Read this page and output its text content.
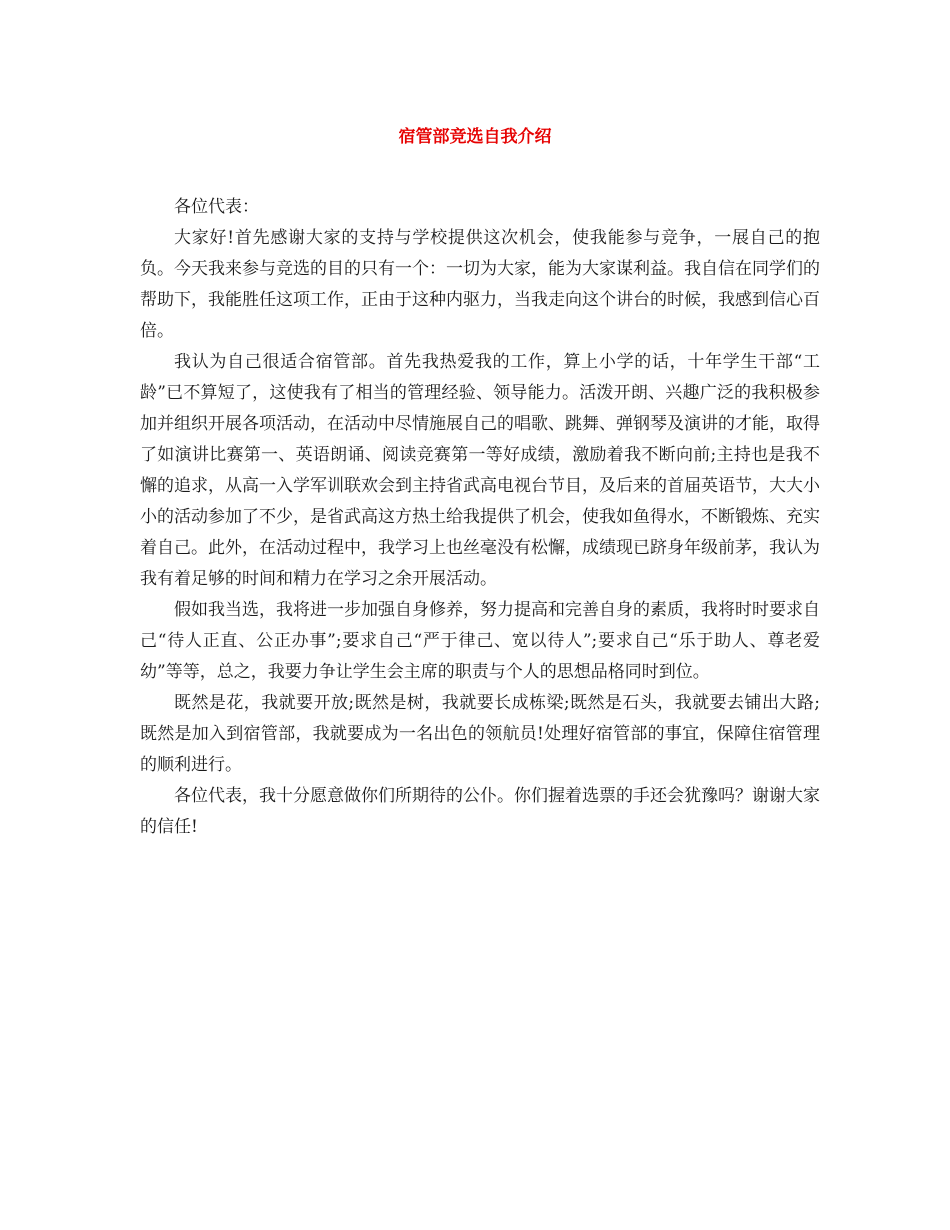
宿管部竞选自我介绍

各位代表：

大家好!首先感谢大家的支持与学校提供这次机会，使我能参与竞争，一展自己的抱负。今天我来参与竞选的目的只有一个：一切为大家，能为大家谋利益。我自信在同学们的帮助下，我能胜任这项工作，正由于这种内驱力，当我走向这个讲台的时候，我感到信心百倍。

我认为自己很适合宿管部。首先我热爱我的工作，算上小学的话，十年学生干部“工龄”已不算短了，这使我有了相当的管理经验、领导能力。活泼开朗、兴趣广泛的我积极参加并组织开展各项活动，在活动中尽情施展自己的唱歌、跳舞、弹钢琴及演讲的才能，取得了如演讲比赛第一、英语朗诵、阅读竞赛第一等好成绩，激励着我不断向前;主持也是我不懈的追求，从高一入学军训联欢会到主持省武高电视台节目，及后来的首届英语节，大大小小的活动参加了不少，是省武高这方热土给我提供了机会，使我如鱼得水，不断锻炼、充实着自己。此外，在活动过程中，我学习上也丝毫没有松懈，成绩现已跻身年级前茅，我认为我有着足够的时间和精力在学习之余开展活动。

假如我当选，我将进一步加强自身修养，努力提高和完善自身的素质，我将时时要求自己“待人正直、公正办事”;要求自己“严于律己、宽以待人”;要求自己“乐于助人、尊老爱幼”等等，总之，我要力争让学生会主席的职责与个人的思想品格同时到位。

既然是花，我就要开放;既然是树，我就要长成栋梁;既然是石头，我就要去铺出大路;既然是加入到宿管部，我就要成为一名出色的领航员!处理好宿管部的事宜，保障住宿管理的顺利进行。

各位代表，我十分愿意做你们所期待的公仆。你们握着选票的手还会犹豫吗？谢谢大家的信任!
